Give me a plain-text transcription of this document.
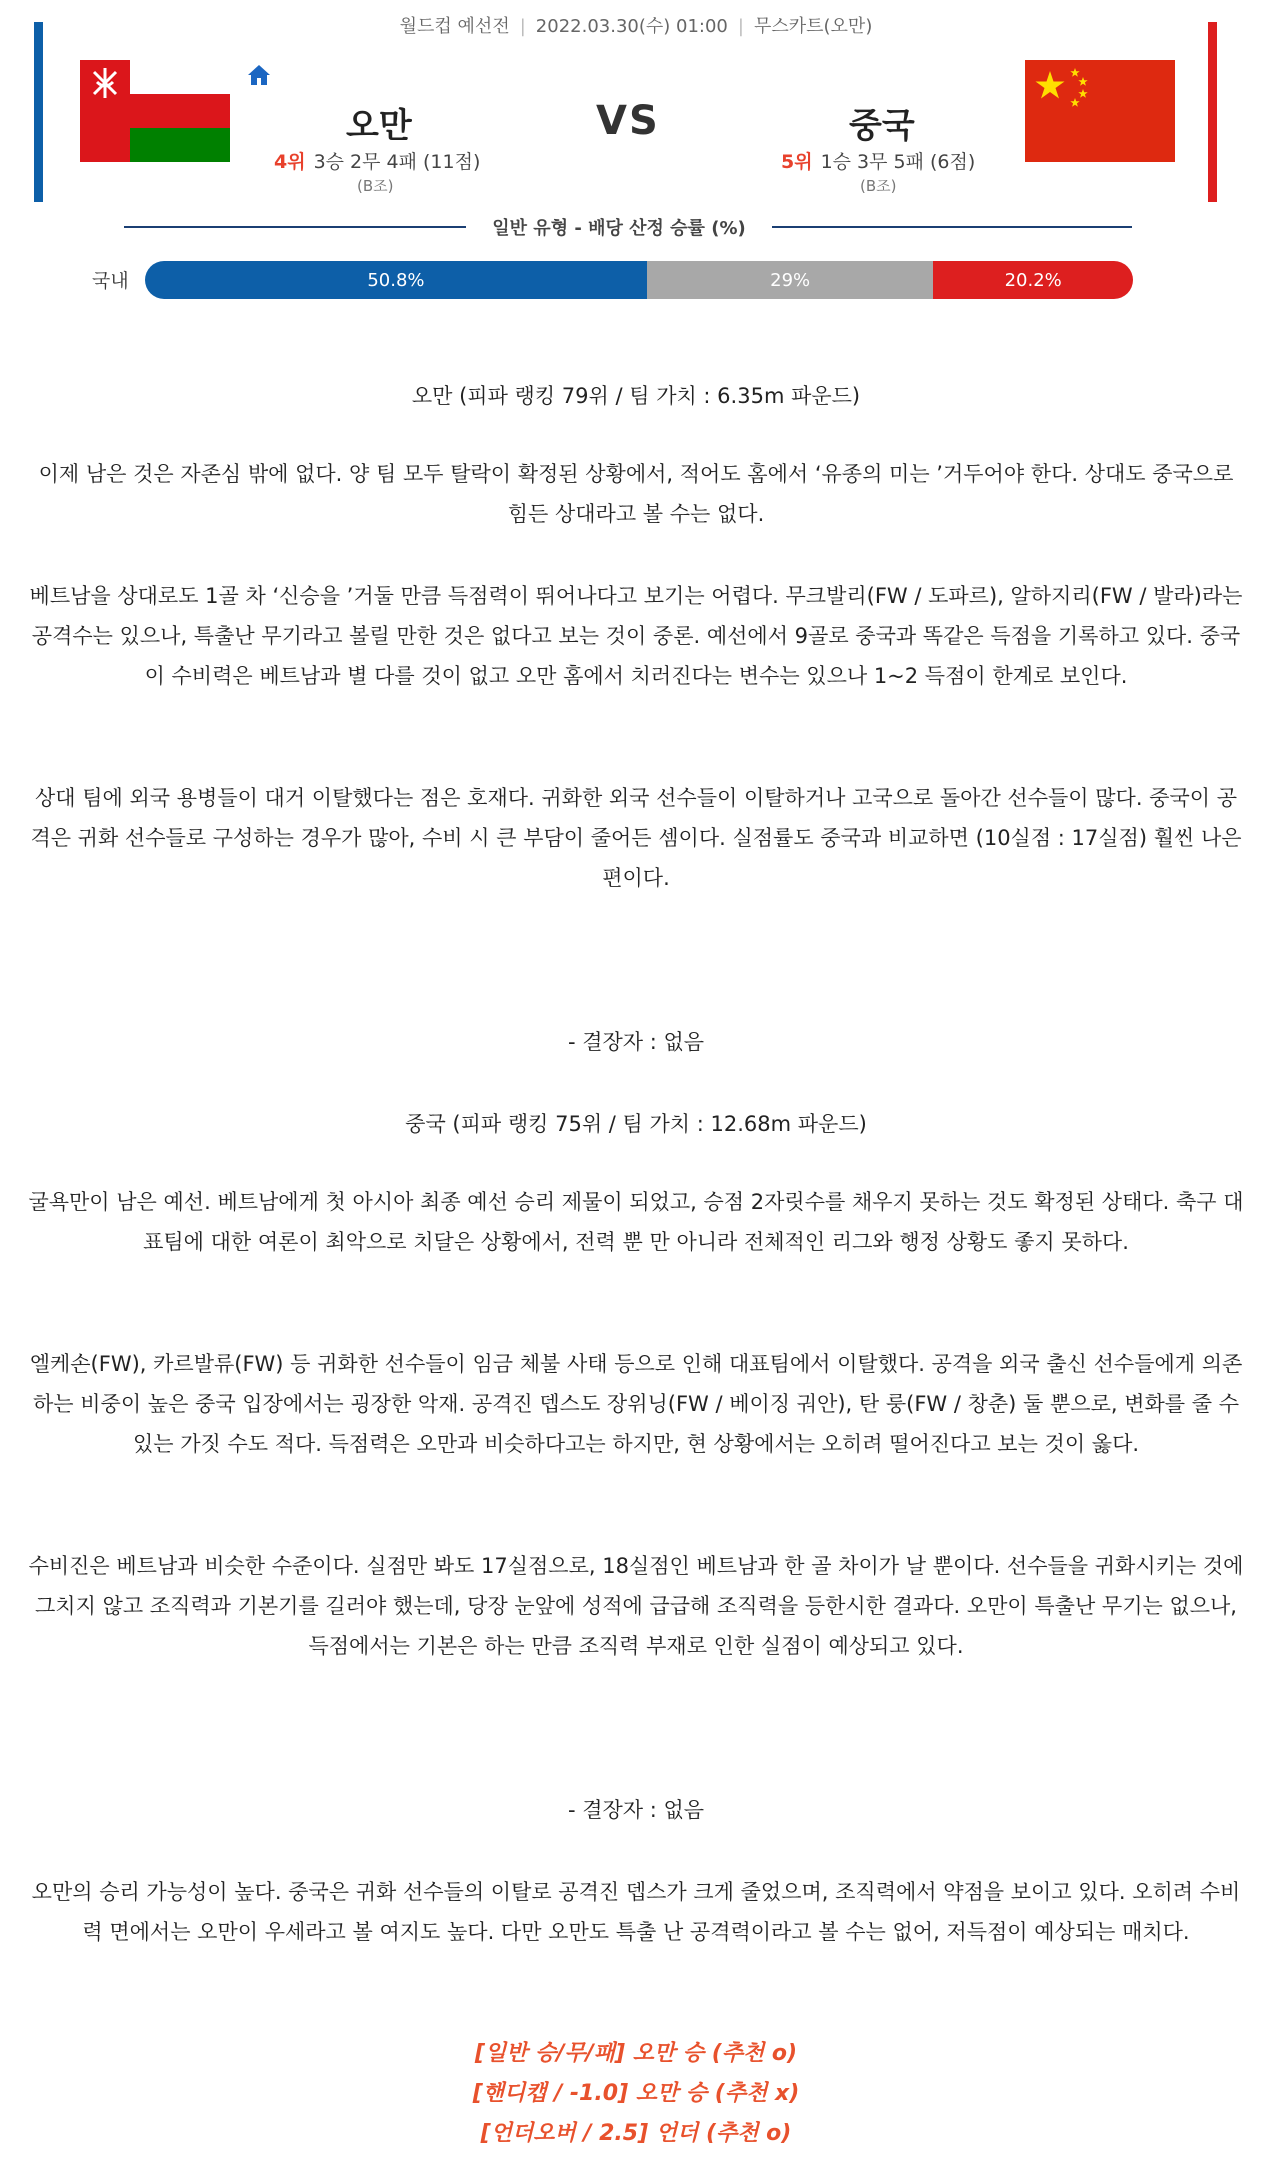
월드컵 예선전 | 2022.03.30(수) 01:00 | 무스카트(오만)
오만	VS	중국
4위 3승 2무 4패 (11점)
(B조)
5위 1승 3무 5패 (6점)
(B조)
일반 유형 - 배당 산정 승률 (%)
국내	50.8%	29%	20.2%
오만 (피파 랭킹 79위 / 팀 가치 : 6.35m 파운드)
이제 남은 것은 자존심 밖에 없다. 양 팀 모두 탈락이 확정된 상황에서, 적어도 홈에서 ‘유종의 미는 ’거두어야 한다. 상대도 중국으로 힘든 상대라고 볼 수는 없다.
베트남을 상대로도 1골 차 ‘신승을 ’거둘 만큼 득점력이 뛰어나다고 보기는 어렵다. 무크발리(FW / 도파르), 알하지리(FW / 발라)라는 공격수는 있으나, 특출난 무기라고 볼릴 만한 것은 없다고 보는 것이 중론. 예선에서 9골로 중국과 똑같은 득점을 기록하고 있다. 중국이 수비력은 베트남과 별 다를 것이 없고 오만 홈에서 치러진다는 변수는 있으나 1~2 득점이 한계로 보인다.
상대 팀에 외국 용병들이 대거 이탈했다는 점은 호재다. 귀화한 외국 선수들이 이탈하거나 고국으로 돌아간 선수들이 많다. 중국이 공격은 귀화 선수들로 구성하는 경우가 많아, 수비 시 큰 부담이 줄어든 셈이다. 실점률도 중국과 비교하면 (10실점 : 17실점) 훨씬 나은 편이다.
- 결장자 : 없음
중국 (피파 랭킹 75위 / 팀 가치 : 12.68m 파운드)
굴욕만이 남은 예선. 베트남에게 첫 아시아 최종 예선 승리 제물이 되었고, 승점 2자릿수를 채우지 못하는 것도 확정된 상태다. 축구 대표팀에 대한 여론이 최악으로 치달은 상황에서, 전력 뿐 만 아니라 전체적인 리그와 행정 상황도 좋지 못하다.
엘케손(FW), 카르발류(FW) 등 귀화한 선수들이 임금 체불 사태 등으로 인해 대표팀에서 이탈했다. 공격을 외국 출신 선수들에게 의존하는 비중이 높은 중국 입장에서는 굉장한 악재. 공격진 뎁스도 장위닝(FW / 베이징 궈안), 탄 룽(FW / 창춘) 둘 뿐으로, 변화를 줄 수 있는 가짓 수도 적다. 득점력은 오만과 비슷하다고는 하지만, 현 상황에서는 오히려 떨어진다고 보는 것이 옳다.
수비진은 베트남과 비슷한 수준이다. 실점만 봐도 17실점으로, 18실점인 베트남과 한 골 차이가 날 뿐이다. 선수들을 귀화시키는 것에 그치지 않고 조직력과 기본기를 길러야 했는데, 당장 눈앞에 성적에 급급해 조직력을 등한시한 결과다. 오만이 특출난 무기는 없으나, 득점에서는 기본은 하는 만큼 조직력 부재로 인한 실점이 예상되고 있다.
- 결장자 : 없음
오만의 승리 가능성이 높다. 중국은 귀화 선수들의 이탈로 공격진 뎁스가 크게 줄었으며, 조직력에서 약점을 보이고 있다. 오히려 수비력 면에서는 오만이 우세라고 볼 여지도 높다. 다만 오만도 특출 난 공격력이라고 볼 수는 없어, 저득점이 예상되는 매치다.
[일반 승/무/패] 오만 승 (추천 o)
[핸디캡 / -1.0] 오만 승 (추천 x)
[언더오버 / 2.5] 언더 (추천 o)
